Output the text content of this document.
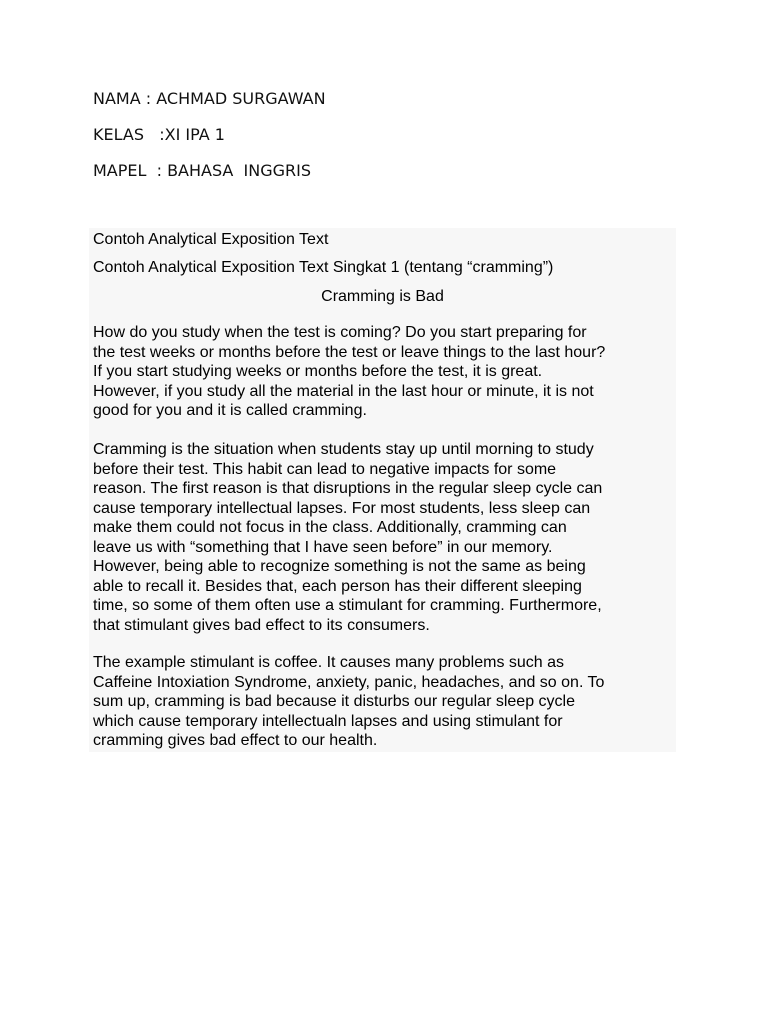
NAMA : ACHMAD SURGAWAN
KELAS   :XI IPA 1
MAPEL  : BAHASA  INGGRIS
Contoh Analytical Exposition Text
Contoh Analytical Exposition Text Singkat 1 (tentang “cramming”)
Cramming is Bad
How do you study when the test is coming? Do you start preparing for
the test weeks or months before the test or leave things to the last hour?
If you start studying weeks or months before the test, it is great.
However, if you study all the material in the last hour or minute, it is not
good for you and it is called cramming.
Cramming is the situation when students stay up until morning to study
before their test. This habit can lead to negative impacts for some
reason. The first reason is that disruptions in the regular sleep cycle can
cause temporary intellectual lapses. For most students, less sleep can
make them could not focus in the class. Additionally, cramming can
leave us with “something that I have seen before” in our memory.
However, being able to recognize something is not the same as being
able to recall it. Besides that, each person has their different sleeping
time, so some of them often use a stimulant for cramming. Furthermore,
that stimulant gives bad effect to its consumers.
The example stimulant is coffee. It causes many problems such as
Caffeine Intoxiation Syndrome, anxiety, panic, headaches, and so on. To
sum up, cramming is bad because it disturbs our regular sleep cycle
which cause temporary intellectualn lapses and using stimulant for
cramming gives bad effect to our health.
